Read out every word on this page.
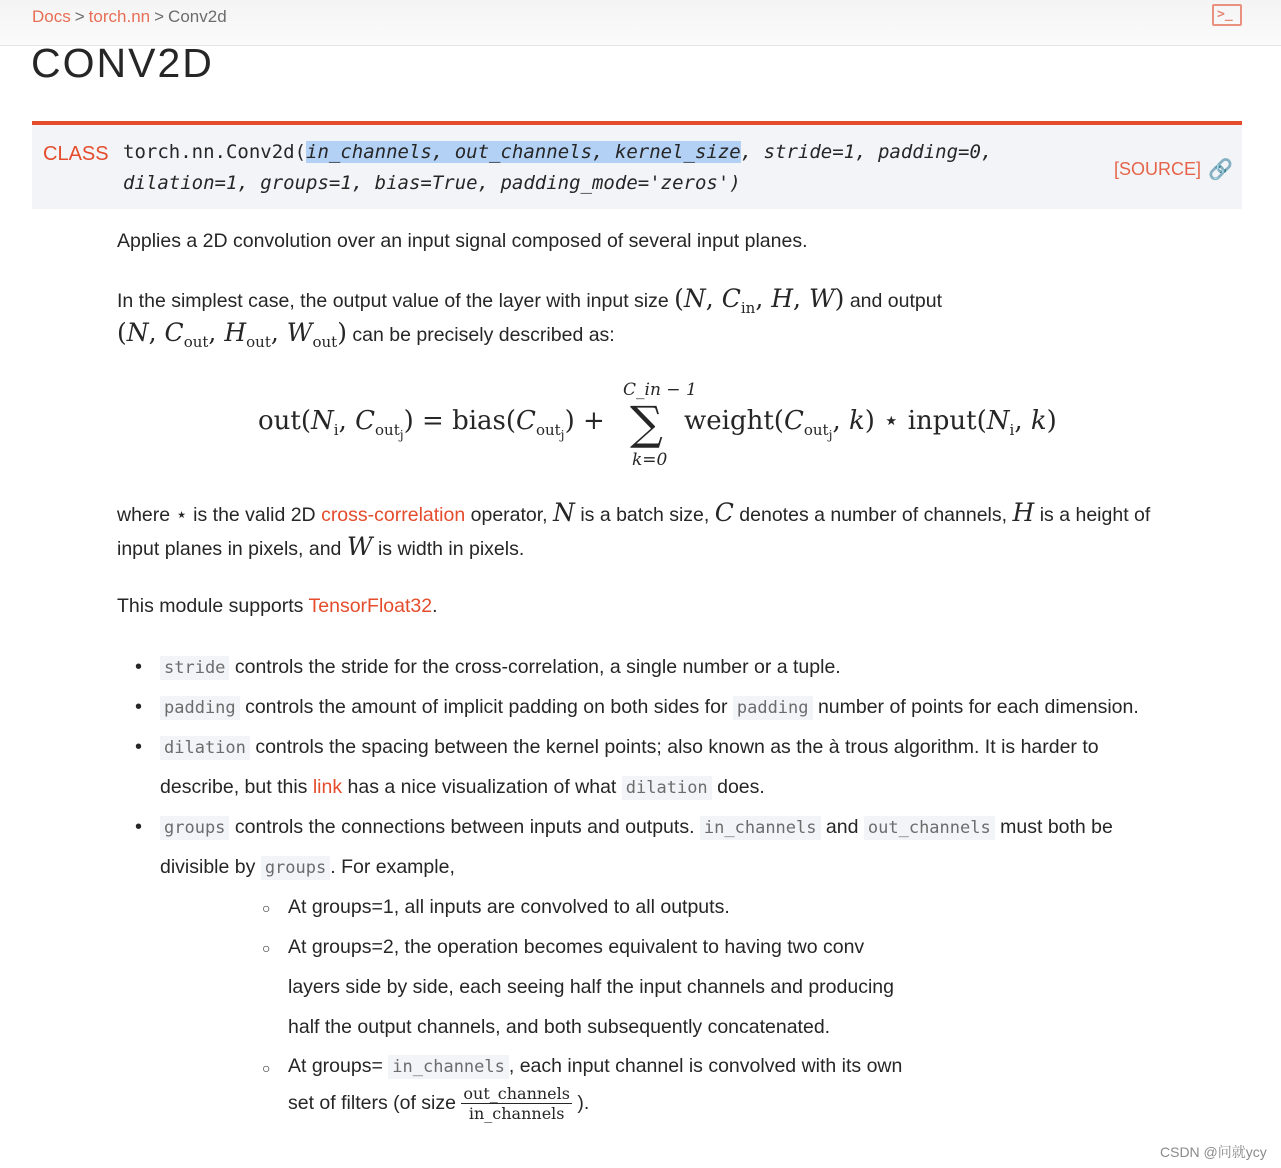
Docs > torch.nn > Conv2d	>_
CONV2D
CLASS torch.nn.Conv2d(in_channels, out_channels, kernel_size, stride=1, padding=0,
dilation=1, groups=1, bias=True, padding_mode='zeros')
[SOURCE] 🔗
Applies a 2D convolution over an input signal composed of several input planes.
In the simplest case, the output value of the layer with input size (N, $C_{in}$, H, W) and output
(N, $C_{out}$, $H_{out}$, $W_{out}$) can be precisely described as:
$out(N_i$, $C_{out_j}$) = $bias(C_{out_j})$ +
C_in − 1
∑
k=0
$weight(C_{out_j}$, k) ⋆ $input(N_i$, k)
where ⋆ is the valid 2D cross-correlation operator, N is a batch size, C denotes a number of channels, H is a height of
input planes in pixels, and W is width in pixels.
This module supports TensorFloat32.
• stride controls the stride for the cross-correlation, a single number or a tuple.
• padding controls the amount of implicit padding on both sides for padding number of points for each dimension.
• dilation controls the spacing between the kernel points; also known as the à trous algorithm. It is harder to
describe, but this link has a nice visualization of what dilation does.
• groups controls the connections between inputs and outputs. in_channels and out_channels must both be
divisible by groups . For example,
○ At groups=1, all inputs are convolved to all outputs.
○ At groups=2, the operation becomes equivalent to having two conv
layers side by side, each seeing half the input channels and producing
half the output channels, and both subsequently concatenated.
○ At groups= in_channels , each input channel is convolved with its own
set of filters (of size $\frac{\text{out\_channels}}{\text{in\_channels}}$ ).
CSDN @问就ycy
